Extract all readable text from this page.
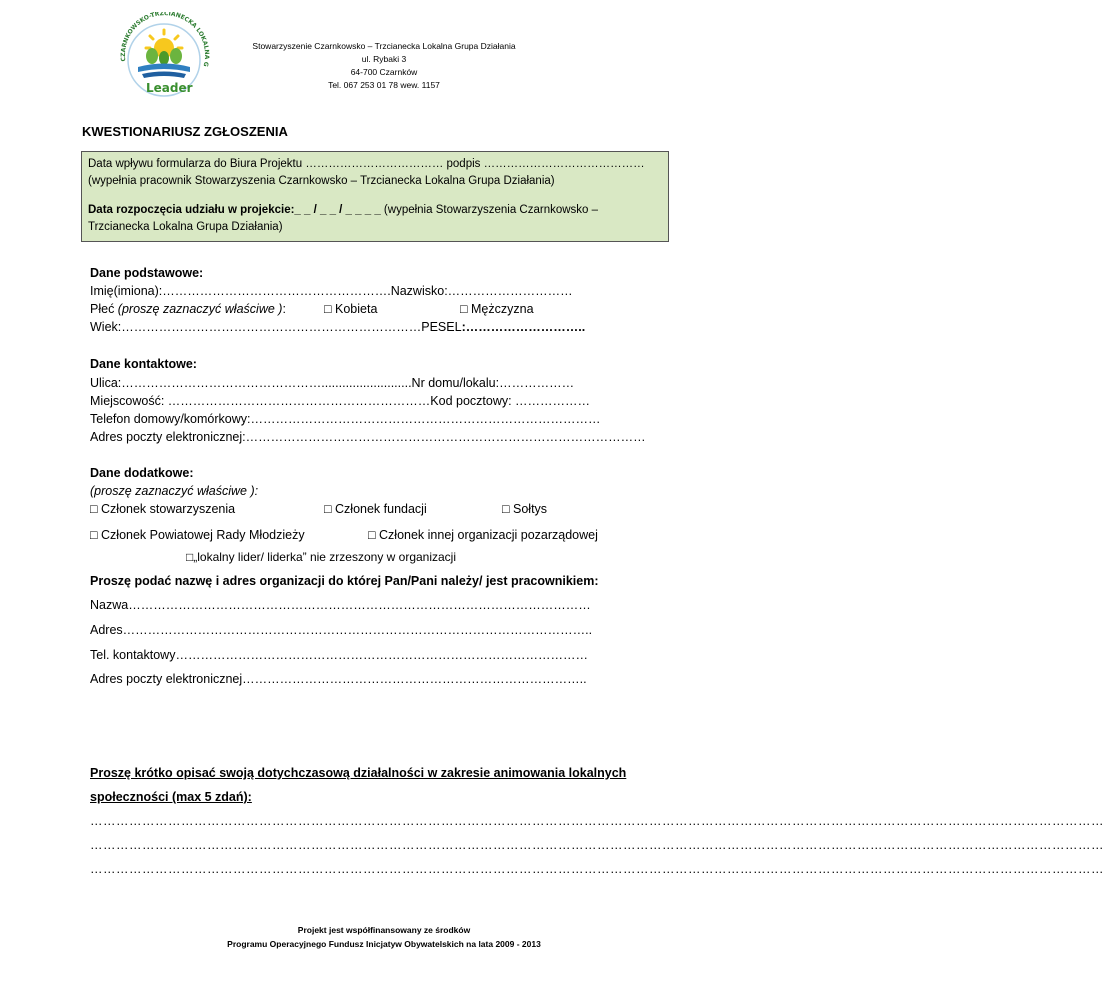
CZARNKOWSKO-TRZCIANECKA LOKALNA G
Leader
Stowarzyszenie Czarnkowsko – Trzcianecka Lokalna Grupa Działania
ul. Rybaki 3
64-700 Czarnków
Tel. 067 253 01 78 wew. 1157
KWESTIONARIUSZ ZGŁOSZENIA
Data wpływu formularza do Biura Projektu ……………………………… podpis …………………………………… (wypełnia pracownik Stowarzyszenia Czarnkowsko – Trzcianecka Lokalna Grupa Działania)
Data rozpoczęcia udziału w projekcie:_ _ / _ _ / _ _ _ _ (wypełnia Stowarzyszenia Czarnkowsko – Trzcianecka Lokalna Grupa Działania)
Dane podstawowe:
Imię(imiona):……………………………………………….Nazwisko:…………………………
Płeć (proszę zaznaczyć właściwe ):	□ Kobieta	□ Mężczyzna
Wiek:………………………………………………………………PESEL:………………………..
Dane kontaktowe:
Ulica:…………………………………………..........................Nr domu/lokalu:………………
Miejscowość: ………………………………………………………Kod pocztowy: ………………
Telefon domowy/komórkowy:…………………………………………………………………………
Adres poczty elektronicznej:……………………………………………………………………………………
Dane dodatkowe:
(proszę zaznaczyć właściwe ):
□ Członek stowarzyszenia	□ Członek fundacji	□ Sołtys
□ Członek Powiatowej Rady Młodzieży	□ Członek innej organizacji pozarządowej
□„lokalny lider/ liderka” nie zrzeszony w organizacji
Proszę podać nazwę i adres organizacji do której Pan/Pani należy/ jest pracownikiem:
Nazwa…………………………………………………………………………………………………
Adres…………………………………………………………………………………………………..
Tel. kontaktowy………………………………………………………………………………………
Adres poczty elektronicznej………………………………………………………………………..
Proszę krótko opisać swoją dotychczasową działalności w zakresie animowania lokalnych
społeczności (max 5 zdań):
………………………………………………………………………………………………………………………………………………………………………………………………………………
………………………………………………………………………………………………………………………………………………………………………………………………………………
………………………………………………………………………………………………………………………………………………………………………………………………………………
Projekt jest współfinansowany ze środków
Programu Operacyjnego Fundusz Inicjatyw Obywatelskich na lata 2009 - 2013
